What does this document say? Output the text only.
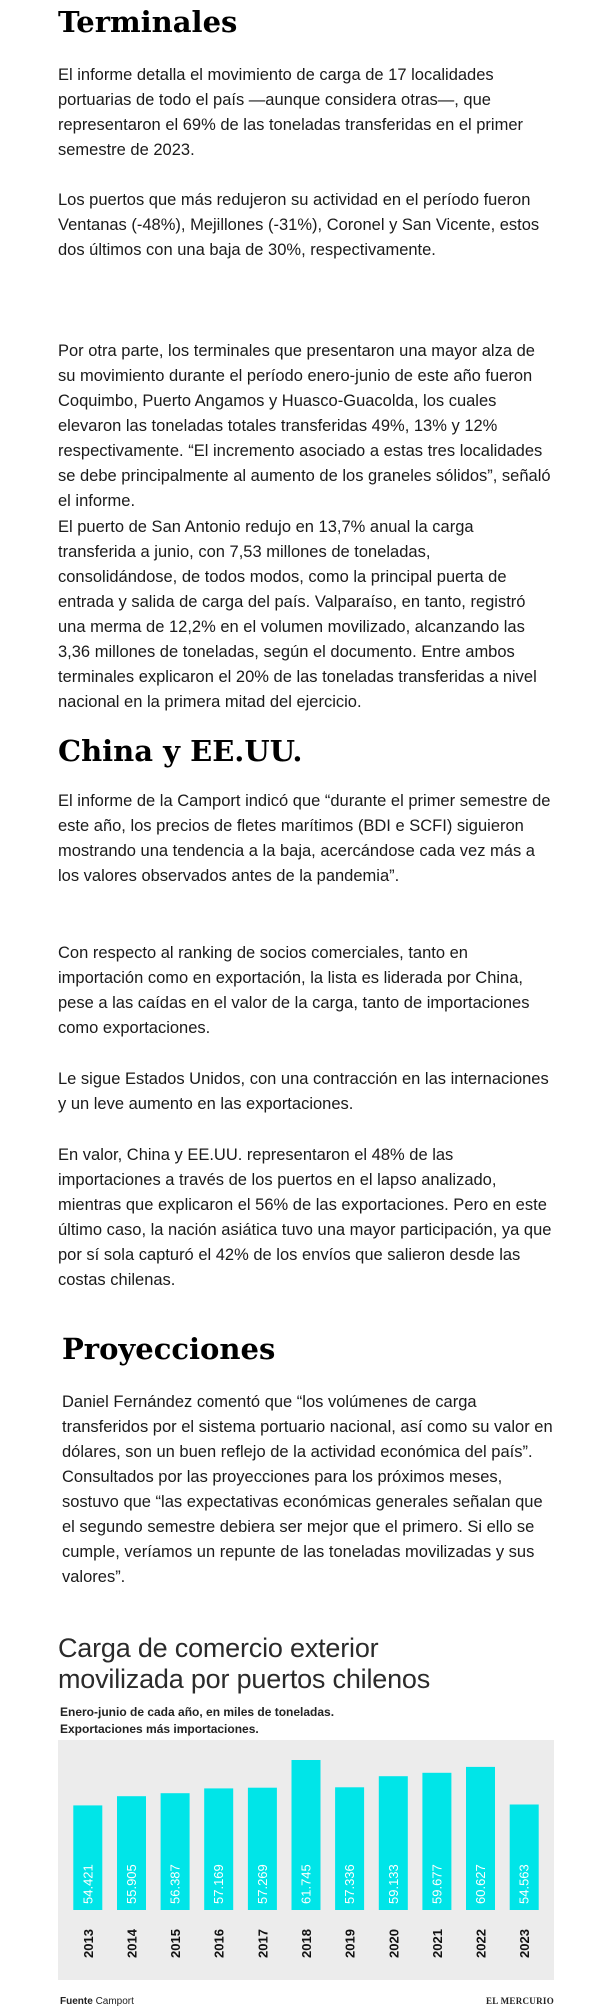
Terminales

El informe detalla el movimiento de carga de 17 localidades portuarias de todo el país —aunque considera otras—, que representaron el 69% de las toneladas transferidas en el primer semestre de 2023.

Los puertos que más redujeron su actividad en el período fueron Ventanas (-48%), Mejillones (-31%), Coronel y San Vicente, estos dos últimos con una baja de 30%, respectivamente.

Por otra parte, los terminales que presentaron una mayor alza de su movimiento durante el período enero-junio de este año fueron Coquimbo, Puerto Angamos y Huasco-Guacolda, los cuales elevaron las toneladas totales transferidas 49%, 13% y 12% respectivamente. “El incremento asociado a estas tres localidades se debe principalmente al aumento de los graneles sólidos”, señaló el informe.

El puerto de San Antonio redujo en 13,7% anual la carga transferida a junio, con 7,53 millones de toneladas, consolidándose, de todos modos, como la principal puerta de entrada y salida de carga del país. Valparaíso, en tanto, registró una merma de 12,2% en el volumen movilizado, alcanzando las 3,36 millones de toneladas, según el documento. Entre ambos terminales explicaron el 20% de las toneladas transferidas a nivel nacional en la primera mitad del ejercicio.

China y EE.UU.

El informe de la Camport indicó que “durante el primer semestre de este año, los precios de fletes marítimos (BDI e SCFI) siguieron mostrando una tendencia a la baja, acercándose cada vez más a los valores observados antes de la pandemia”.

Con respecto al ranking de socios comerciales, tanto en importación como en exportación, la lista es liderada por China, pese a las caídas en el valor de la carga, tanto de importaciones como exportaciones.

Le sigue Estados Unidos, con una contracción en las internaciones y un leve aumento en las exportaciones.

En valor, China y EE.UU. representaron el 48% de las importaciones a través de los puertos en el lapso analizado, mientras que explicaron el 56% de las exportaciones. Pero en este último caso, la nación asiática tuvo una mayor participación, ya que por sí sola capturó el 42% de los envíos que salieron desde las costas chilenas.

Proyecciones

Daniel Fernández comentó que “los volúmenes de carga transferidos por el sistema portuario nacional, así como su valor en dólares, son un buen reflejo de la actividad económica del país”. Consultados por las proyecciones para los próximos meses, sostuvo que “las expectativas económicas generales señalan que el segundo semestre debiera ser mejor que el primero. Si ello se cumple, veríamos un repunte de las toneladas movilizadas y sus valores”.

Carga de comercio exterior
movilizada por puertos chilenos
Enero-junio de cada año, en miles de toneladas.
Exportaciones más importaciones.
54.421
2013
55.905
2014
56.387
2015
57.169
2016
57.269
2017
61.745
2018
57.336
2019
59.133
2020
59.677
2021
60.627
2022
54.563
2023
Fuente Camport	EL MERCURIO
